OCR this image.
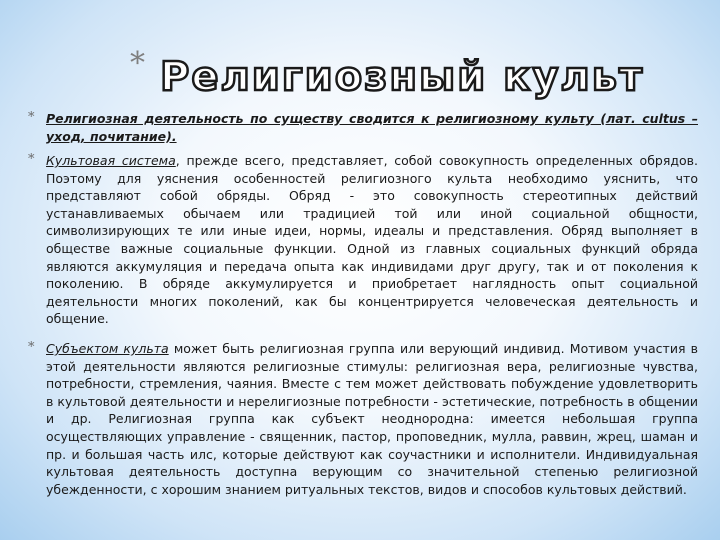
* Религиозный культ
* Религиозная деятельность по существу сводится к религиозному культу (лат. cultus – уход, почитание).
* Культовая система, прежде всего, представляет, собой совокупность определенных обрядов. Поэтому для уяснения особенностей религиозного культа необходимо уяснить, что представляют собой обряды. Обряд - это совокупность стереотипных действий устанавливаемых обычаем или традицией той или иной социальной общности, символизирующих те или иные идеи, нормы, идеалы и представления. Обряд выполняет в обществе важные социальные функции. Одной из главных социальных функций обряда являются аккумуляция и передача опыта как индивидами друг другу, так и от поколения к поколению. В обряде аккумулируется и приобретает наглядность опыт социальной деятельности многих поколений, как бы концентрируется человеческая деятельность и общение.
* Субъектом культа может быть религиозная группа или верующий индивид. Мотивом участия в этой деятельности являются религиозные стимулы: религиозная вера, религиозные чувства, потребности, стремления, чаяния. Вместе с тем может действовать побуждение удовлетворить в культовой деятельности и нерелигиозные потребности - эстетические, потребность в общении и др. Религиозная группа как субъект неоднородна: имеется небольшая группа осуществляющих управление - священник, пастор, проповедник, мулла, раввин, жрец, шаман и пр. и большая часть илс, которые действуют как соучастники и исполнители. Индивидуальная культовая деятельность доступна верующим со значительной степенью религиозной убежденности, с хорошим знанием ритуальных текстов, видов и способов культовых действий.
